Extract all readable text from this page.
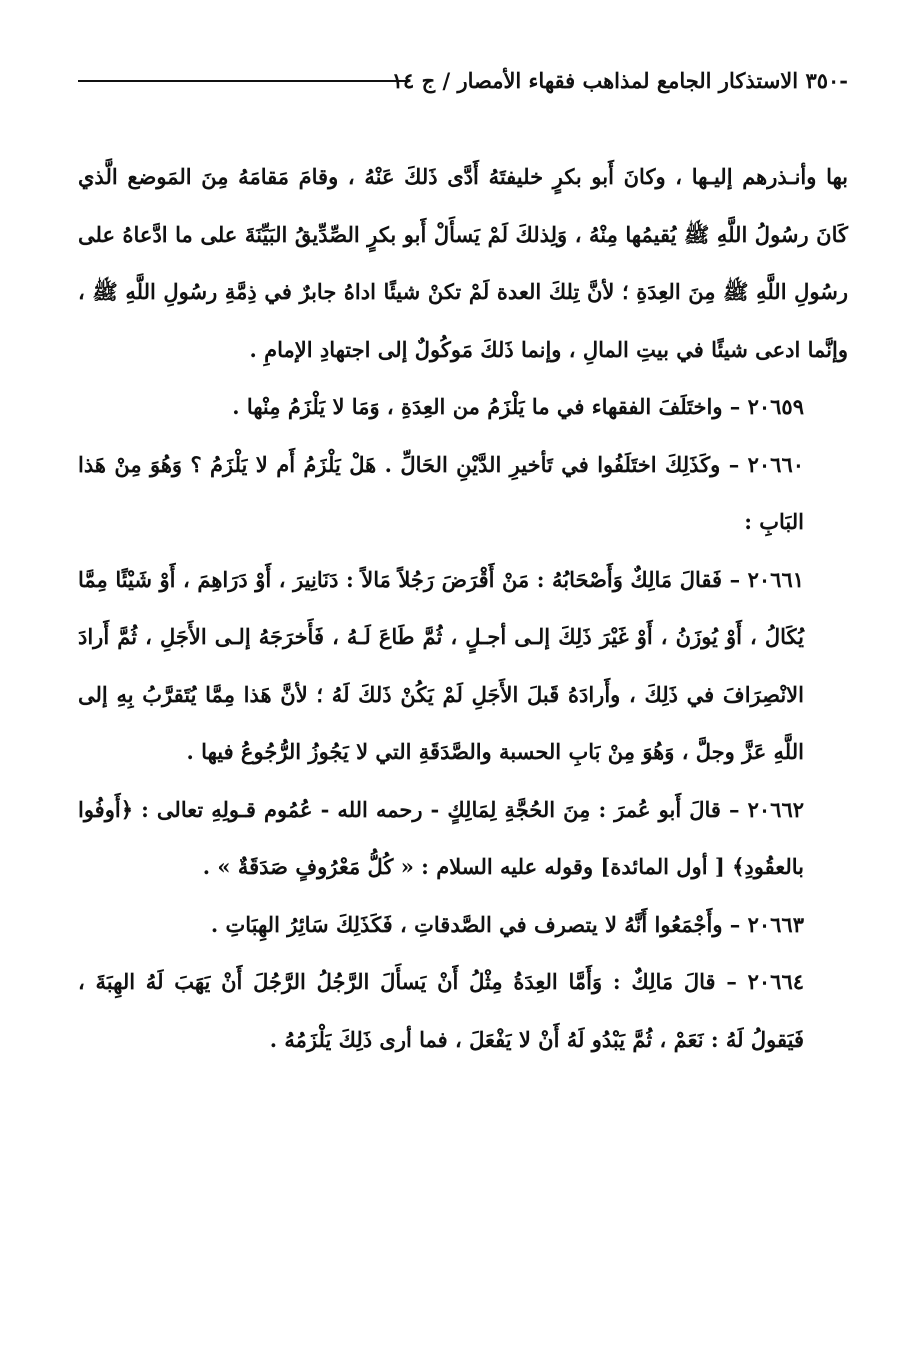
-٣٥٠ الاستذكار الجامع لمذاهب فقهاء الأمصار / ج ١٤

بها وأنـذرهم إليـها ، وكانَ أَبو بكرٍ خليفتَهُ أَدَّى ذَلكَ عَنْهُ ، وقامَ مَقامَهُ مِنَ المَوضع الَّذي كَانَ رسُولُ اللَّهِ ﷺ يُقيمُها مِنْهُ ، وَلِذلكَ لَمْ يَسأَلْ أَبو بكرٍ الصِّدِّيقُ البَيِّنَةَ على ما ادَّعاهُ على رسُولِ اللَّهِ ﷺ مِنَ العِدَةِ ؛ لأنَّ تِلكَ العدة لَمْ تكنْ شيئًا اداهُ جابرٌ في ذِمَّةِ رسُولِ اللَّهِ ﷺ ، وإنَّما ادعى شيئًا في بيتِ المالِ ، وإنما ذَلكَ مَوكُولٌ إلى اجتهادِ الإمامِ .

٢٠٦٥٩ – واختَلَفَ الفقهاء في ما يَلْزَمُ من العِدَةِ ، وَمَا لا يَلْزَمُ مِنْها .

٢٠٦٦٠ – وكَذَلِكَ اختَلَفُوا في تَأخيرِ الدَّيْنِ الحَالِّ . هَلْ يَلْزَمُ أَم لا يَلْزَمُ ؟ وَهُوَ مِنْ هَذا البَابِ :

٢٠٦٦١ – فَقالَ مَالِكٌ وَأَصْحَابُهُ : مَنْ أَقْرَضَ رَجُلاً مَالاً : دَنَانِيرَ ، أَوْ دَرَاهِمَ ، أَوْ شَيْئًا مِمَّا يُكَالُ ، أَوْ يُوزَنُ ، أَوْ غَيْرَ ذَلِكَ إلـى أجـلٍ ، ثُمَّ طَاعَ لَـهُ ، فَأَخرَجَهُ إلـى الأَجَلِ ، ثُمَّ أَرادَ الانْصِرَافَ في ذَلِكَ ، وأَرادَهُ قَبلَ الأَجَلِ لَمْ يَكُنْ ذَلكَ لَهُ ؛ لأنَّ هَذا مِمَّا يُتَقرَّبُ بِهِ إلى اللَّهِ عَزَّ وجلَّ ، وَهُوَ مِنْ بَابِ الحسبة والصَّدَقَةِ التي لا يَجُوزُ الرُّجُوعُ فيها .

٢٠٦٦٢ – قالَ أَبو عُمرَ : مِنَ الحُجَّةِ لِمَالِكٍ - رحمه الله - عُمُوم قـولِهِ تعالى : ﴿أَوفُوا بالعقُودِ﴾ [ أول المائدة] وقوله عليه السلام : « كُلُّ مَعْرُوفٍ صَدَقَةٌ » .

٢٠٦٦٣ – وأَجْمَعُوا أَنَّهُ لا يتصرف في الصَّدقاتِ ، فَكَذَلِكَ سَائِرُ الهِبَاتِ .

٢٠٦٦٤ – قالَ مَالِكٌ : وَأَمَّا العِدَةُ مِثْلُ أَنْ يَسأَلَ الرَّجُلُ الرَّجُلَ أَنْ يَهَبَ لَهُ الهِبَةَ ، فَيَقولُ لَهُ : نَعَمْ ، ثُمَّ يَبْدُو لَهُ أَنْ لا يَفْعَلَ ، فما أرى ذَلِكَ يَلْزَمُهُ .
